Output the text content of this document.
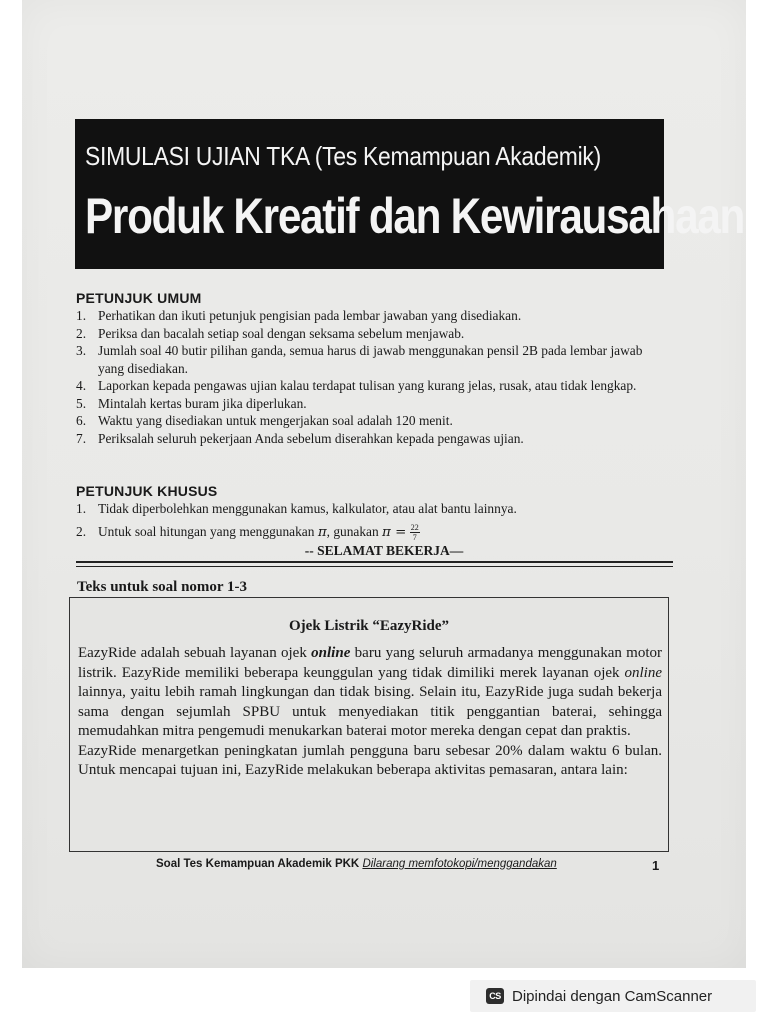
SIMULASI UJIAN TKA (Tes Kemampuan Akademik)
Produk Kreatif dan Kewirausahaan
PETUNJUK UMUM
1. Perhatikan dan ikuti petunjuk pengisian pada lembar jawaban yang disediakan.
2. Periksa dan bacalah setiap soal dengan seksama sebelum menjawab.
3. Jumlah soal 40 butir pilihan ganda, semua harus di jawab menggunakan pensil 2B pada lembar jawab yang disediakan.
4. Laporkan kepada pengawas ujian kalau terdapat tulisan yang kurang jelas, rusak, atau tidak lengkap.
5. Mintalah kertas buram jika diperlukan.
6. Waktu yang disediakan untuk mengerjakan soal adalah 120 menit.
7. Periksalah seluruh pekerjaan Anda sebelum diserahkan kepada pengawas ujian.
PETUNJUK KHUSUS
1. Tidak diperbolehkan menggunakan kamus, kalkulator, atau alat bantu lainnya.
2. Untuk soal hitungan yang menggunakan π, gunakan $\pi = \frac{22}{7}$
-- SELAMAT BEKERJA—
Teks untuk soal nomor 1-3
Ojek Listrik “EazyRide”

EazyRide adalah sebuah layanan ojek online baru yang seluruh armadanya menggunakan motor listrik. EazyRide memiliki beberapa keunggulan yang tidak dimiliki merek layanan ojek online lainnya, yaitu lebih ramah lingkungan dan tidak bising. Selain itu, EazyRide juga sudah bekerja sama dengan sejumlah SPBU untuk menyediakan titik penggantian baterai, sehingga memudahkan mitra pengemudi menukarkan baterai motor mereka dengan cepat dan praktis.

EazyRide menargetkan peningkatan jumlah pengguna baru sebesar 20% dalam waktu 6 bulan. Untuk mencapai tujuan ini, EazyRide melakukan beberapa aktivitas pemasaran, antara lain:

Soal Tes Kemampuan Akademik PKK Dilarang memfotokopi/menggandakan	1
CS Dipindai dengan CamScanner
